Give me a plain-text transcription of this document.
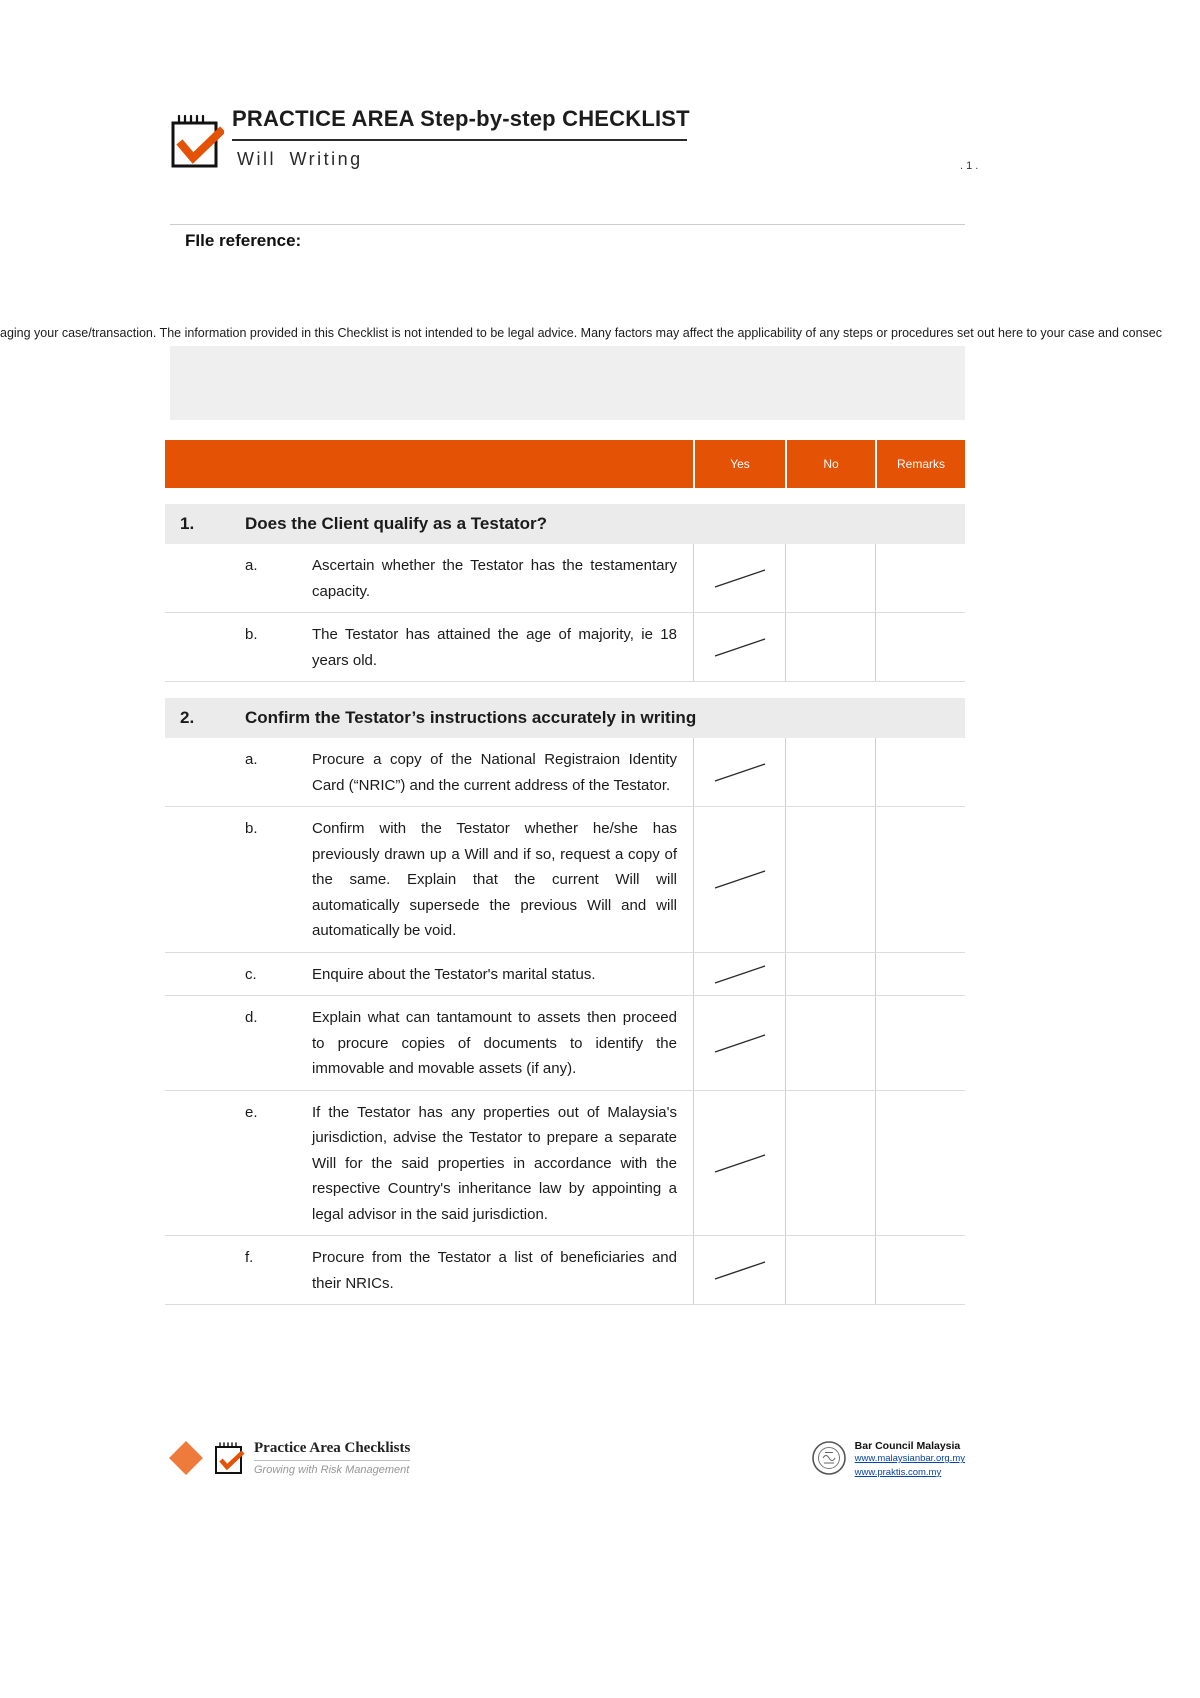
PRACTICE AREA Step-by-step CHECKLIST
Will Writing	. 1 .
FIle reference:
aging your case/transaction. The information provided in this Checklist is not intended to be legal advice. Many factors may affect the applicability of any steps or procedures set out here to your case and consec
Yes	No	Remarks
1.	Does the Client qualify as a Testator?
a.	Ascertain whether the Testator has the testamentary capacity.
b.	The Testator has attained the age of majority, ie 18 years old.
2.	Confirm the Testator’s instructions accurately in writing
a.	Procure a copy of the National Registraion Identity Card (“NRIC”) and the current address of the Testator.
b.	Confirm with the Testator whether he/she has previously drawn up a Will and if so, request a copy of the same. Explain that the current Will will automatically supersede the previous Will and will automatically be void.
c.	Enquire about the Testator's marital status.
d.	Explain what can tantamount to assets then proceed to procure copies of documents to identify the immovable and movable assets (if any).
e.	If the Testator has any properties out of Malaysia's jurisdiction, advise the Testator to prepare a separate Will for the said properties in accordance with the respective Country's inheritance law by appointing a legal advisor in the said jurisdiction.
f.	Procure from the Testator a list of beneficiaries and their NRICs.
Practice Area Checklists
Growing with Risk Management
Bar Council Malaysia
www.malaysianbar.org.my
www.praktis.com.my
